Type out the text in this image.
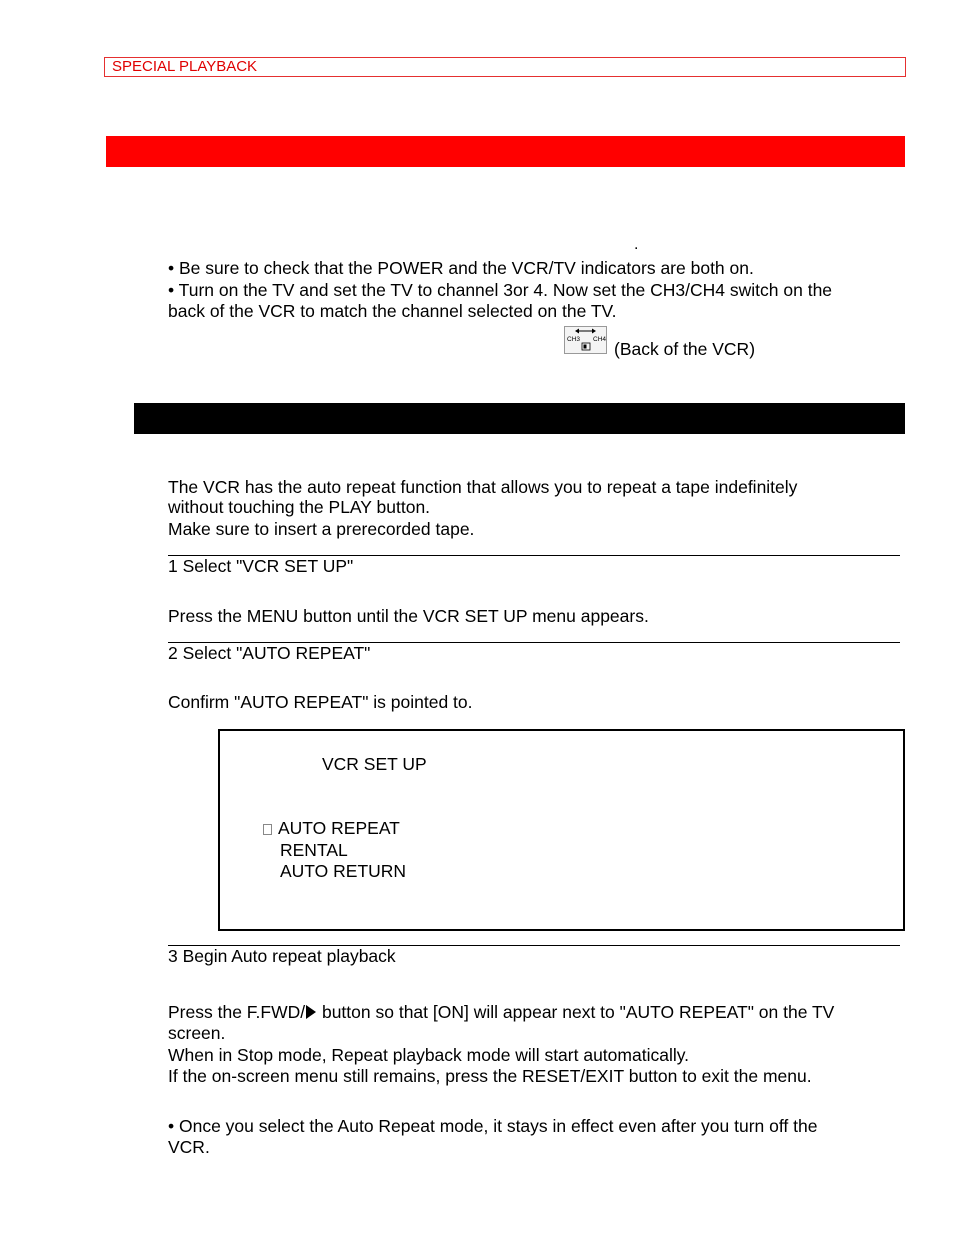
SPECIAL PLAYBACK
.
• Be sure to check that the POWER and the VCR/TV indicators are both on.
• Turn on the TV and set the TV to channel 3or 4. Now set the CH3/CH4 switch on the
back of the VCR to match the channel selected on the TV.
CH3 CH4 (Back of the VCR)
The VCR has the auto repeat function that allows you to repeat a tape indefinitely
without touching the PLAY button.
Make sure to insert a prerecorded tape.
1 Select "VCR SET UP"
Press the MENU button until the VCR SET UP menu appears.
2 Select "AUTO REPEAT"
Confirm "AUTO REPEAT" is pointed to.
VCR SET UP
AUTO REPEAT
RENTAL
AUTO RETURN
3 Begin Auto repeat playback
Press the F.FWD/ button so that [ON] will appear next to "AUTO REPEAT" on the TV
screen.
When in Stop mode, Repeat playback mode will start automatically.
If the on-screen menu still remains, press the RESET/EXIT button to exit the menu.
• Once you select the Auto Repeat mode, it stays in effect even after you turn off the
VCR.
